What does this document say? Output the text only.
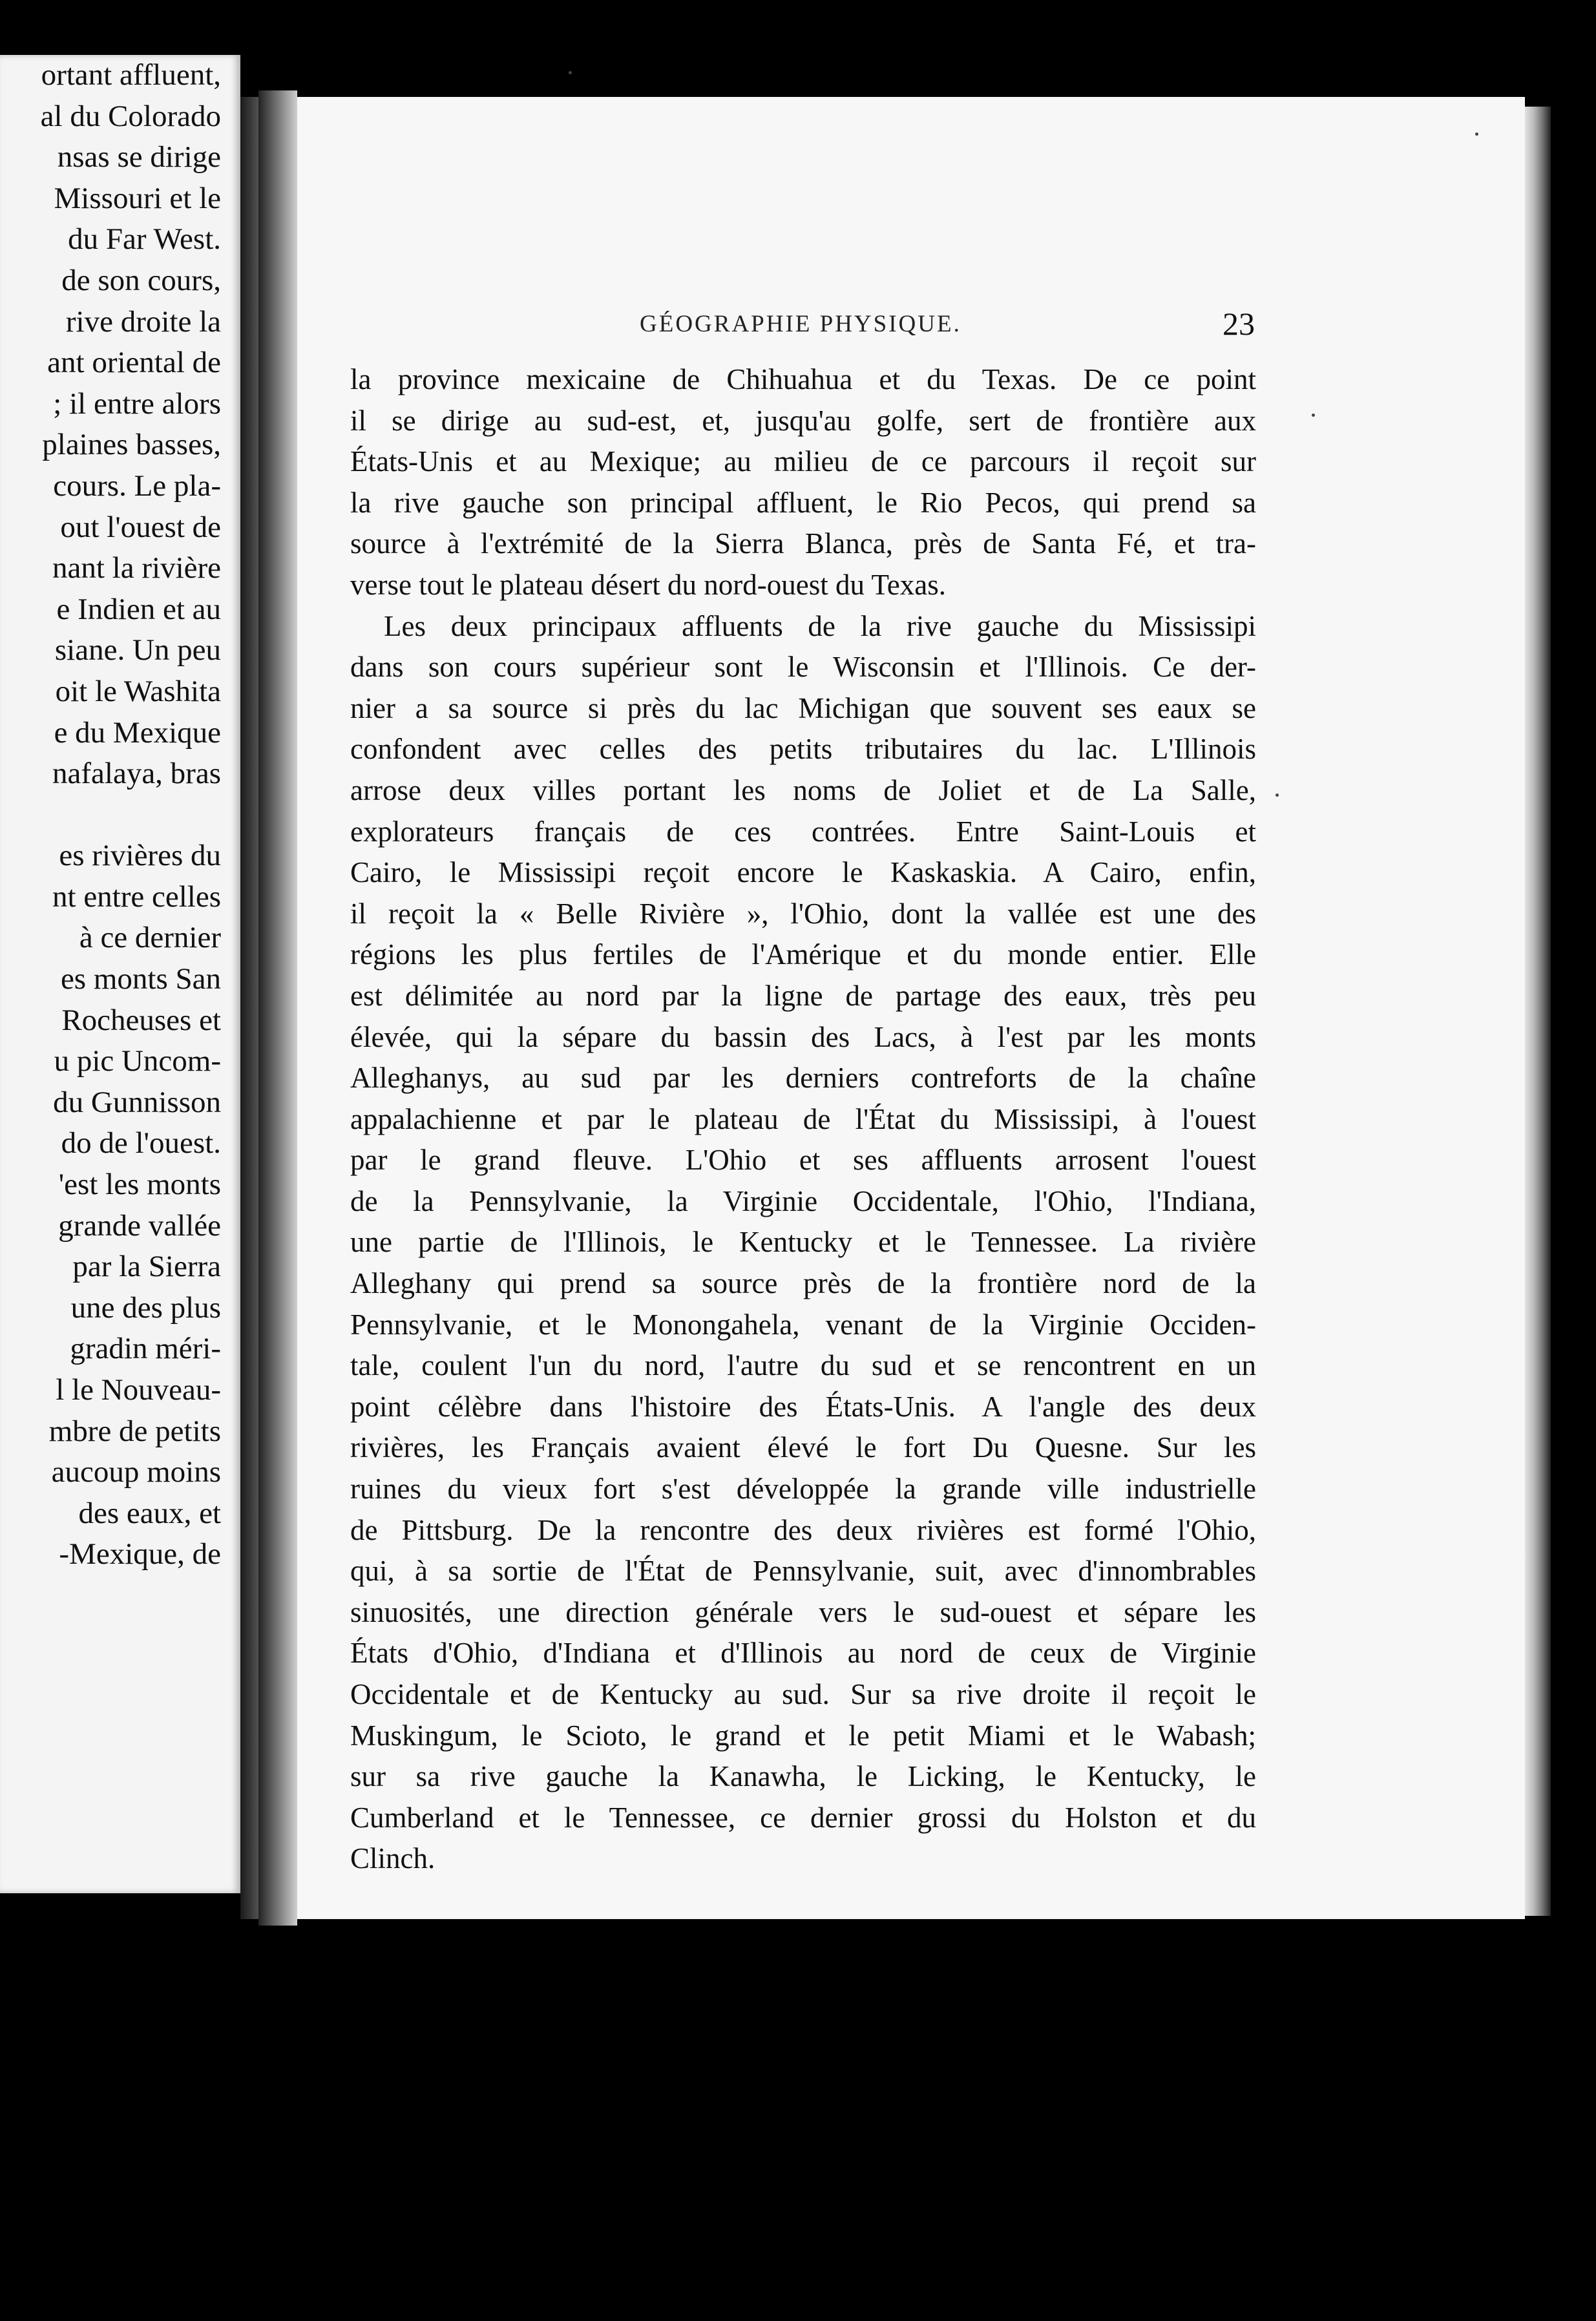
ortant affluent,
al du Colorado
nsas se dirige
Missouri et le
du Far West.
de son cours,
rive droite la
ant oriental de
; il entre alors
plaines basses,
cours. Le pla-
out l'ouest de
nant la rivière
e Indien et au
siane. Un peu
oit le Washita
e du Mexique
nafalaya, bras
es rivières du
nt entre celles
à ce dernier
es monts San
Rocheuses et
u pic Uncom-
du Gunnisson
do de l'ouest.
'est les monts
grande vallée
par la Sierra
une des plus
gradin méri-
l le Nouveau-
mbre de petits
aucoup moins
des eaux, et
-Mexique, de
GÉOGRAPHIE PHYSIQUE.	23
la province mexicaine de Chihuahua et du Texas. De ce point
il se dirige au sud-est, et, jusqu'au golfe, sert de frontière aux
États-Unis et au Mexique; au milieu de ce parcours il reçoit sur
la rive gauche son principal affluent, le Rio Pecos, qui prend sa
source à l'extrémité de la Sierra Blanca, près de Santa Fé, et tra-
verse tout le plateau désert du nord-ouest du Texas.
Les deux principaux affluents de la rive gauche du Mississipi
dans son cours supérieur sont le Wisconsin et l'Illinois. Ce der-
nier a sa source si près du lac Michigan que souvent ses eaux se
confondent avec celles des petits tributaires du lac. L'Illinois
arrose deux villes portant les noms de Joliet et de La Salle,
explorateurs français de ces contrées. Entre Saint-Louis et
Cairo, le Mississipi reçoit encore le Kaskaskia. A Cairo, enfin,
il reçoit la « Belle Rivière », l'Ohio, dont la vallée est une des
régions les plus fertiles de l'Amérique et du monde entier. Elle
est délimitée au nord par la ligne de partage des eaux, très peu
élevée, qui la sépare du bassin des Lacs, à l'est par les monts
Alleghanys, au sud par les derniers contreforts de la chaîne
appalachienne et par le plateau de l'État du Mississipi, à l'ouest
par le grand fleuve. L'Ohio et ses affluents arrosent l'ouest
de la Pennsylvanie, la Virginie Occidentale, l'Ohio, l'Indiana,
une partie de l'Illinois, le Kentucky et le Tennessee. La rivière
Alleghany qui prend sa source près de la frontière nord de la
Pennsylvanie, et le Monongahela, venant de la Virginie Occiden-
tale, coulent l'un du nord, l'autre du sud et se rencontrent en un
point célèbre dans l'histoire des États-Unis. A l'angle des deux
rivières, les Français avaient élevé le fort Du Quesne. Sur les
ruines du vieux fort s'est développée la grande ville industrielle
de Pittsburg. De la rencontre des deux rivières est formé l'Ohio,
qui, à sa sortie de l'État de Pennsylvanie, suit, avec d'innombrables
sinuosités, une direction générale vers le sud-ouest et sépare les
États d'Ohio, d'Indiana et d'Illinois au nord de ceux de Virginie
Occidentale et de Kentucky au sud. Sur sa rive droite il reçoit le
Muskingum, le Scioto, le grand et le petit Miami et le Wabash;
sur sa rive gauche la Kanawha, le Licking, le Kentucky, le
Cumberland et le Tennessee, ce dernier grossi du Holston et du
Clinch.
